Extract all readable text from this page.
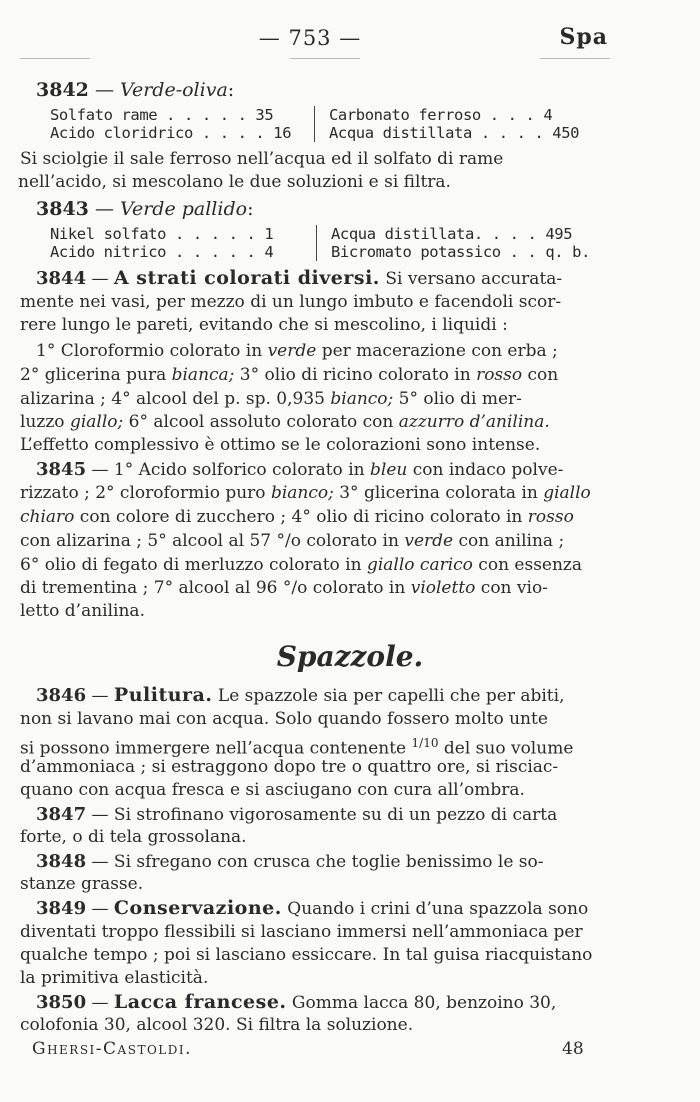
— 753 —	Spa
3842 — Verde-oliva:
Solfato rame . . . . . 35
Acido cloridrico . . . . 16
Carbonato ferroso . . . 4
Acqua distillata . . . . 450
Si sciolgie il sale ferroso nell’acqua ed il solfato di rame
nell’acido, si mescolano le due soluzioni e si filtra.
3843 — Verde pallido:
Nikel solfato . . . . . 1
Acido nitrico . . . . . 4
Acqua distillata. . . . 495
Bicromato potassico . . q. b.
3844 — A strati colorati diversi. Si versano accurata-
mente nei vasi, per mezzo di un lungo imbuto e facendoli scor-
rere lungo le pareti, evitando che si mescolino, i liquidi :
1° Cloroformio colorato in verde per macerazione con erba ;
2° glicerina pura bianca; 3° olio di ricino colorato in rosso con
alizarina ; 4° alcool del p. sp. 0,935 bianco; 5° olio di mer-
luzzo giallo; 6° alcool assoluto colorato con azzurro d’anilina.
L’effetto complessivo è ottimo se le colorazioni sono intense.
3845 — 1° Acido solforico colorato in bleu con indaco polve-
rizzato ; 2° cloroformio puro bianco; 3° glicerina colorata in giallo
chiaro con colore di zucchero ; 4° olio di ricino colorato in rosso
con alizarina ; 5° alcool al 57 °/o colorato in verde con anilina ;
6° olio di fegato di merluzzo colorato in giallo carico con essenza
di trementina ; 7° alcool al 96 °/o colorato in violetto con vio-
letto d’anilina.
Spazzole.
3846 — Pulitura. Le spazzole sia per capelli che per abiti,
non si lavano mai con acqua. Solo quando fossero molto unte
si possono immergere nell’acqua contenente $^{1/10}$ del suo volume
d’ammoniaca ; si estraggono dopo tre o quattro ore, si risciac-
quano con acqua fresca e si asciugano con cura all’ombra.
3847 — Si strofinano vigorosamente su di un pezzo di carta
forte, o di tela grossolana.
3848 — Si sfregano con crusca che toglie benissimo le so-
stanze grasse.
3849 — Conservazione. Quando i crini d’una spazzola sono
diventati troppo flessibili si lasciano immersi nell’ammoniaca per
qualche tempo ; poi si lasciano essiccare. In tal guisa riacquistano
la primitiva elasticità.
3850 — Lacca francese. Gomma lacca 80, benzoino 30,
colofonia 30, alcool 320. Si filtra la soluzione.
Ghersi-Castoldi.	48
